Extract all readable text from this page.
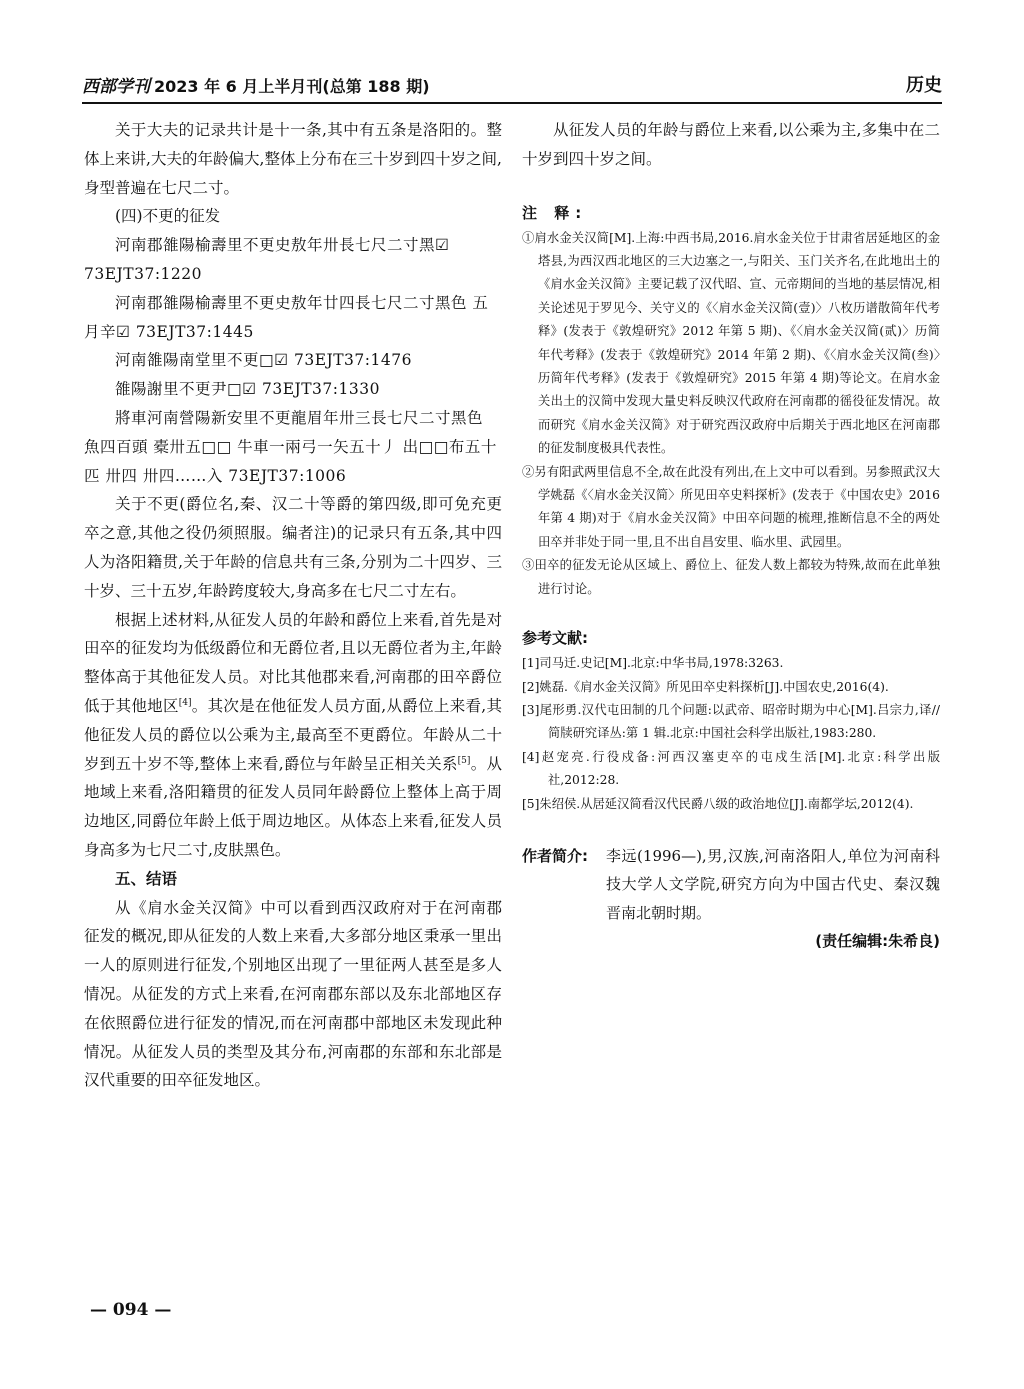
西部学刊 2023 年 6 月上半月刊(总第 188 期)	历史

关于大夫的记录共计是十一条,其中有五条是洛阳的。整体上来讲,大夫的年龄偏大,整体上分布在三十岁到四十岁之间,身型普遍在七尺二寸。

(四)不更的征发

河南郡雒陽榆壽里不更史敖年卅長七尺二寸黑☑ 73EJT37:1220

河南郡雒陽榆壽里不更史敖年廿四長七尺二寸黑色 五月辛☑ 73EJT37:1445

河南雒陽南堂里不更□☑ 73EJT37:1476

雒陽謝里不更尹□☑ 73EJT37:1330

將車河南營陽新安里不更龍眉年卅三長七尺二寸黑色 魚四百頭 橐卅五□□ 牛車一兩弓一矢五十丿 出□□布五十匹 卅四 卅四……入 73EJT37:1006

关于不更(爵位名,秦、汉二十等爵的第四级,即可免充更卒之意,其他之役仍须照服。编者注)的记录只有五条,其中四人为洛阳籍贯,关于年龄的信息共有三条,分别为二十四岁、三十岁、三十五岁,年龄跨度较大,身高多在七尺二寸左右。

根据上述材料,从征发人员的年龄和爵位上来看,首先是对田卒的征发均为低级爵位和无爵位者,且以无爵位者为主,年龄整体高于其他征发人员。对比其他郡来看,河南郡的田卒爵位低于其他地区[4]。其次是在他征发人员方面,从爵位上来看,其他征发人员的爵位以公乘为主,最高至不更爵位。年龄从二十岁到五十岁不等,整体上来看,爵位与年龄呈正相关关系[5]。从地域上来看,洛阳籍贯的征发人员同年龄爵位上整体上高于周边地区,同爵位年龄上低于周边地区。从体态上来看,征发人员身高多为七尺二寸,皮肤黑色。

五、结语

从《肩水金关汉简》中可以看到西汉政府对于在河南郡征发的概况,即从征发的人数上来看,大多部分地区秉承一里出一人的原则进行征发,个别地区出现了一里征两人甚至是多人情况。从征发的方式上来看,在河南郡东部以及东北部地区存在依照爵位进行征发的情况,而在河南郡中部地区未发现此种情况。从征发人员的类型及其分布,河南郡的东部和东北部是汉代重要的田卒征发地区。

从征发人员的年龄与爵位上来看,以公乘为主,多集中在二十岁到四十岁之间。

注 释:

①肩水金关汉简[M].上海:中西书局,2016.肩水金关位于甘肃省居延地区的金塔县,为西汉西北地区的三大边塞之一,与阳关、玉门关齐名,在此地出土的《肩水金关汉简》主要记载了汉代昭、宣、元帝期间的当地的基层情况,相关论述见于罗见今、关守义的《〈肩水金关汉简(壹)〉八枚历谱散简年代考释》(发表于《敦煌研究》2012 年第 5 期)、《〈肩水金关汉简(贰)〉历简年代考释》(发表于《敦煌研究》2014 年第 2 期)、《〈肩水金关汉简(叁)〉历简年代考释》(发表于《敦煌研究》2015 年第 4 期)等论文。在肩水金关出土的汉简中发现大量史料反映汉代政府在河南郡的徭役征发情况。故而研究《肩水金关汉简》对于研究西汉政府中后期关于西北地区在河南郡的征发制度极具代表性。

②另有阳武两里信息不全,故在此没有列出,在上文中可以看到。另参照武汉大学姚磊《〈肩水金关汉简〉所见田卒史料探析》(发表于《中国农史》2016 年第 4 期)对于《肩水金关汉简》中田卒问题的梳理,推断信息不全的两处田卒并非处于同一里,且不出自昌安里、临水里、武园里。

③田卒的征发无论从区域上、爵位上、征发人数上都较为特殊,故而在此单独进行讨论。

参考文献:

[1]司马迁.史记[M].北京:中华书局,1978:3263.

[2]姚磊.《肩水金关汉简》所见田卒史料探析[J].中国农史,2016(4).

[3]尾形勇.汉代屯田制的几个问题:以武帝、昭帝时期为中心[M].吕宗力,译//简牍研究译丛:第 1 辑.北京:中国社会科学出版社,1983:280.

[4]赵宠亮.行役戍备:河西汉塞吏卒的屯戍生活[M].北京:科学出版社,2012:28.

[5]朱绍侯.从居延汉简看汉代民爵八级的政治地位[J].南都学坛,2012(4).

作者简介:	李远(1996—),男,汉族,河南洛阳人,单位为河南科技大学人文学院,研究方向为中国古代史、秦汉魏晋南北朝时期。
(责任编辑:朱希良)
— 094 —
